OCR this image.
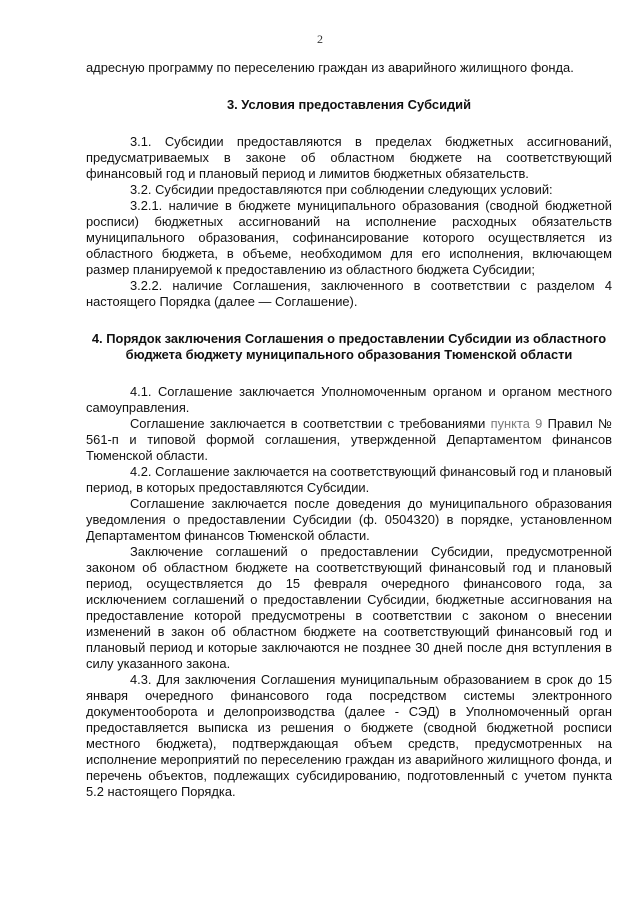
2

адресную программу по переселению граждан из аварийного жилищного фонда.

3. Условия предоставления Субсидий

3.1. Субсидии предоставляются в пределах бюджетных ассигнований, предусматриваемых в законе об областном бюджете на соответствующий финансовый год и плановый период и лимитов бюджетных обязательств.

3.2. Субсидии предоставляются при соблюдении следующих условий:

3.2.1. наличие в бюджете муниципального образования (сводной бюджетной росписи) бюджетных ассигнований на исполнение расходных обязательств муниципального образования, софинансирование которого осуществляется из областного бюджета, в объеме, необходимом для его исполнения, включающем размер планируемой к предоставлению из областного бюджета Субсидии;

3.2.2. наличие Соглашения, заключенного в соответствии с разделом 4 настоящего Порядка (далее — Соглашение).

4. Порядок заключения Соглашения о предоставлении Субсидии из областного бюджета бюджету муниципального образования Тюменской области

4.1. Соглашение заключается Уполномоченным органом и органом местного самоуправления.

Соглашение заключается в соответствии с требованиями пункта 9 Правил № 561-п и типовой формой соглашения, утвержденной Департаментом финансов Тюменской области.

4.2. Соглашение заключается на соответствующий финансовый год и плановый период, в которых предоставляются Субсидии.

Соглашение заключается после доведения до муниципального образования уведомления о предоставлении Субсидии (ф. 0504320) в порядке, установленном Департаментом финансов Тюменской области.

Заключение соглашений о предоставлении Субсидии, предусмотренной законом об областном бюджете на соответствующий финансовый год и плановый период, осуществляется до 15 февраля очередного финансового года, за исключением соглашений о предоставлении Субсидии, бюджетные ассигнования на предоставление которой предусмотрены в соответствии с законом о внесении изменений в закон об областном бюджете на соответствующий финансовый год и плановый период и которые заключаются не позднее 30 дней после дня вступления в силу указанного закона.

4.3. Для заключения Соглашения муниципальным образованием в срок до 15 января очередного финансового года посредством системы электронного документооборота и делопроизводства (далее - СЭД) в Уполномоченный орган предоставляется выписка из решения о бюджете (сводной бюджетной росписи местного бюджета), подтверждающая объем средств, предусмотренных на исполнение мероприятий по переселению граждан из аварийного жилищного фонда, и перечень объектов, подлежащих субсидированию, подготовленный с учетом пункта 5.2 настоящего Порядка.
